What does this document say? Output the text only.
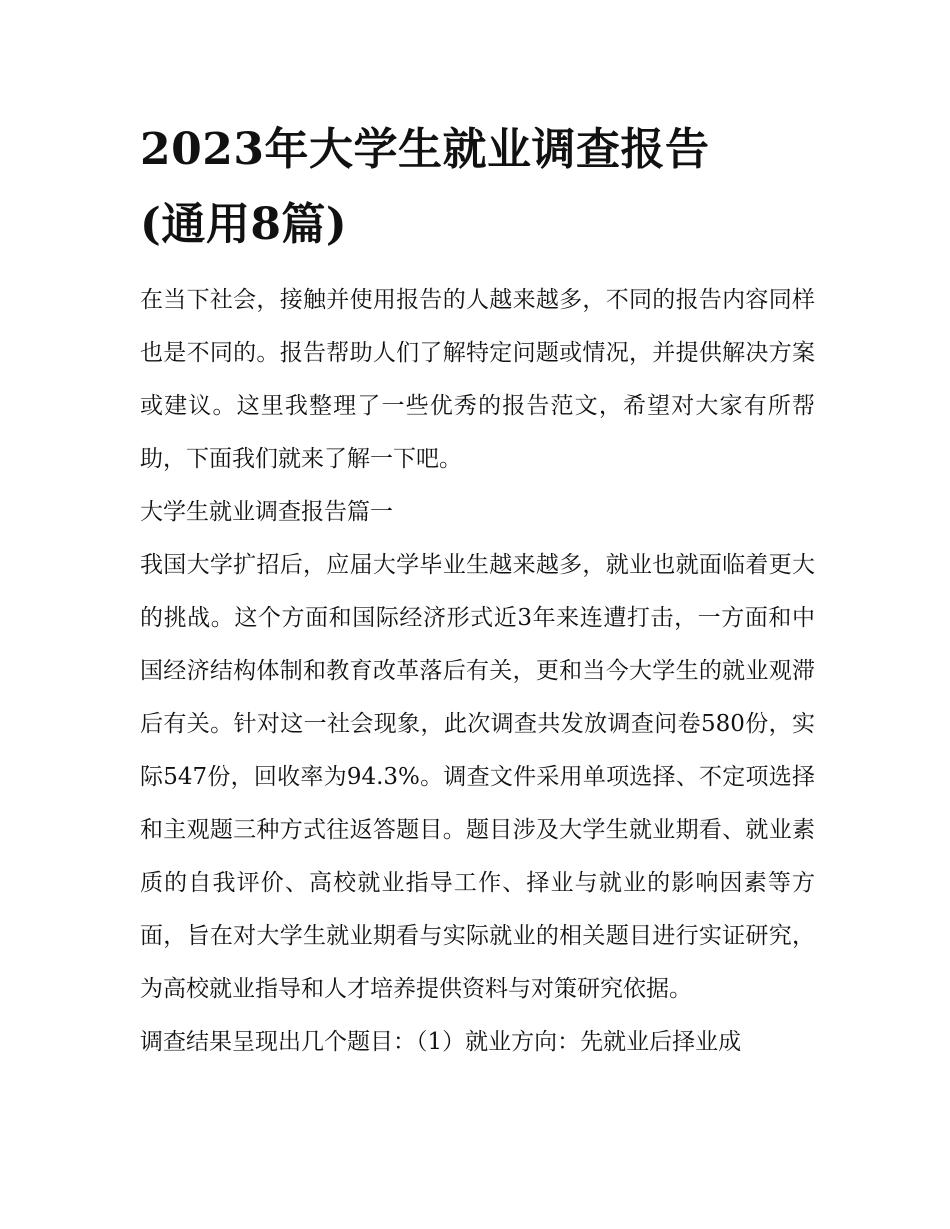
2023年大学生就业调查报告
(通用8篇)

在当下社会，接触并使用报告的人越来越多，不同的报告内容同样也是不同的。报告帮助人们了解特定问题或情况，并提供解决方案或建议。这里我整理了一些优秀的报告范文，希望对大家有所帮助，下面我们就来了解一下吧。

大学生就业调查报告篇一

我国大学扩招后，应届大学毕业生越来越多，就业也就面临着更大的挑战。这个方面和国际经济形式近3年来连遭打击，一方面和中国经济结构体制和教育改革落后有关，更和当今大学生的就业观滞后有关。针对这一社会现象，此次调查共发放调查问卷580份，实际547份，回收率为94.3%。调查文件采用单项选择、不定项选择和主观题三种方式往返答题目。题目涉及大学生就业期看、就业素质的自我评价、高校就业指导工作、择业与就业的影响因素等方面，旨在对大学生就业期看与实际就业的相关题目进行实证研究，为高校就业指导和人才培养提供资料与对策研究依据。

调查结果呈现出几个题目：（1）就业方向：先就业后择业成
